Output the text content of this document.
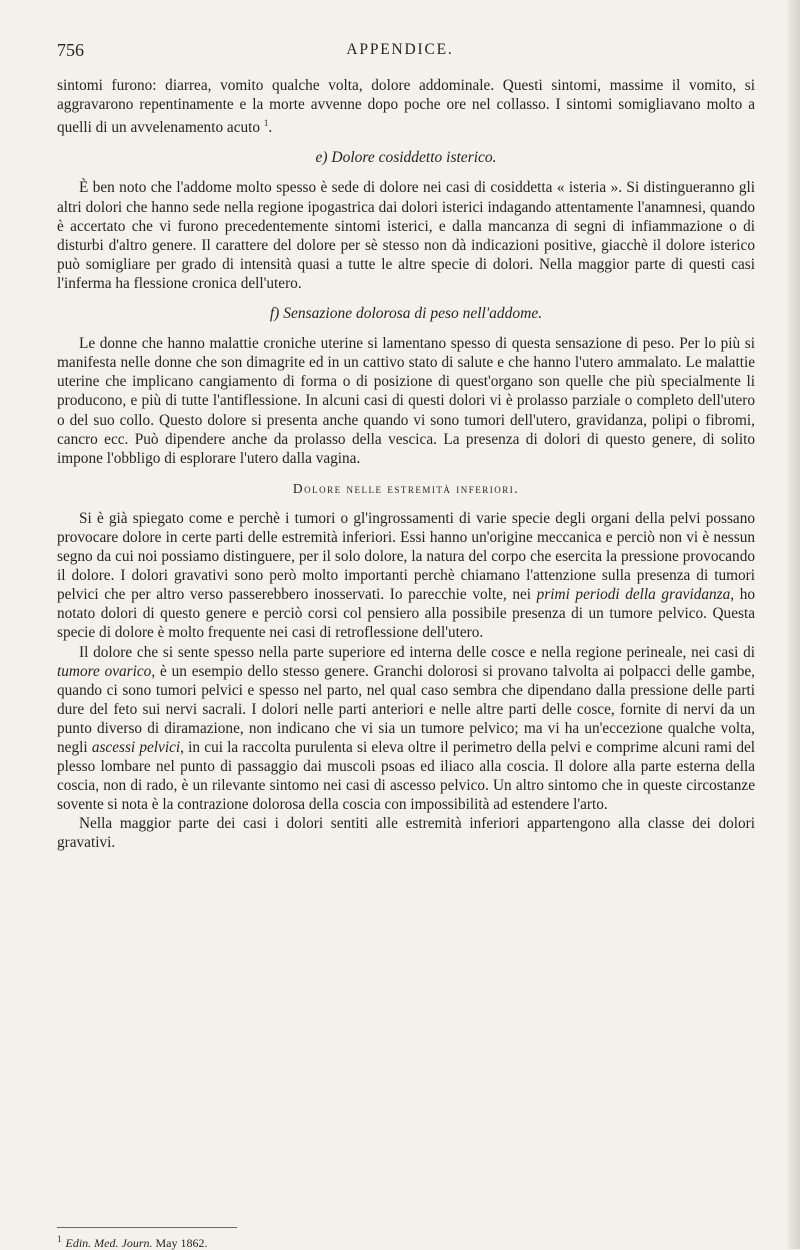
756	APPENDICE.

sintomi furono: diarrea, vomito qualche volta, dolore addominale. Questi sintomi, massime il vomito, si aggravarono repentinamente e la morte avvenne dopo poche ore nel collasso. I sintomi somigliavano molto a quelli di un avvelenamento acuto $^1$.

e) Dolore cosiddetto isterico.

È ben noto che l'addome molto spesso è sede di dolore nei casi di cosiddetta « isteria ». Si distingueranno gli altri dolori che hanno sede nella regione ipogastrica dai dolori isterici indagando attentamente l'anamnesi, quando è accertato che vi furono precedentemente sintomi isterici, e dalla mancanza di segni di infiammazione o di disturbi d'altro genere. Il carattere del dolore per sè stesso non dà indicazioni positive, giacchè il dolore isterico può somigliare per grado di intensità quasi a tutte le altre specie di dolori. Nella maggior parte di questi casi l'inferma ha flessione cronica dell'utero.

f) Sensazione dolorosa di peso nell'addome.

Le donne che hanno malattie croniche uterine si lamentano spesso di questa sensazione di peso. Per lo più si manifesta nelle donne che son dimagrite ed in un cattivo stato di salute e che hanno l'utero ammalato. Le malattie uterine che implicano cangiamento di forma o di posizione di quest'organo son quelle che più specialmente li producono, e più di tutte l'antiflessione. In alcuni casi di questi dolori vi è prolasso parziale o completo dell'utero o del suo collo. Questo dolore si presenta anche quando vi sono tumori dell'utero, gravidanza, polipi o fibromi, cancro ecc. Può dipendere anche da prolasso della vescica. La presenza di dolori di questo genere, di solito impone l'obbligo di esplorare l'utero dalla vagina.

Dolore nelle estremità inferiori.

Si è già spiegato come e perchè i tumori o gl'ingrossamenti di varie specie degli organi della pelvi possano provocare dolore in certe parti delle estremità inferiori. Essi hanno un'origine meccanica e perciò non vi è nessun segno da cui noi possiamo distinguere, per il solo dolore, la natura del corpo che esercita la pressione provocando il dolore. I dolori gravativi sono però molto importanti perchè chiamano l'attenzione sulla presenza di tumori pelvici che per altro verso passerebbero inosservati. Io parecchie volte, nei primi periodi della gravidanza, ho notato dolori di questo genere e perciò corsi col pensiero alla possibile presenza di un tumore pelvico. Questa specie di dolore è molto frequente nei casi di retroflessione dell'utero.

Il dolore che si sente spesso nella parte superiore ed interna delle cosce e nella regione perineale, nei casi di tumore ovarico, è un esempio dello stesso genere. Granchi dolorosi si provano talvolta ai polpacci delle gambe, quando ci sono tumori pelvici e spesso nel parto, nel qual caso sembra che dipendano dalla pressione delle parti dure del feto sui nervi sacrali. I dolori nelle parti anteriori e nelle altre parti delle cosce, fornite di nervi da un punto diverso di diramazione, non indicano che vi sia un tumore pelvico; ma vi ha un'eccezione qualche volta, negli ascessi pelvici, in cui la raccolta purulenta si eleva oltre il perimetro della pelvi e comprime alcuni rami del plesso lombare nel punto di passaggio dai muscoli psoas ed iliaco alla coscia. Il dolore alla parte esterna della coscia, non di rado, è un rilevante sintomo nei casi di ascesso pelvico. Un altro sintomo che in queste circostanze sovente si nota è la contrazione dolorosa della coscia con impossibilità ad estendere l'arto.

Nella maggior parte dei casi i dolori sentiti alle estremità inferiori appartengono alla classe dei dolori gravativi.

$^1$ Edin. Med. Journ. May 1862.
